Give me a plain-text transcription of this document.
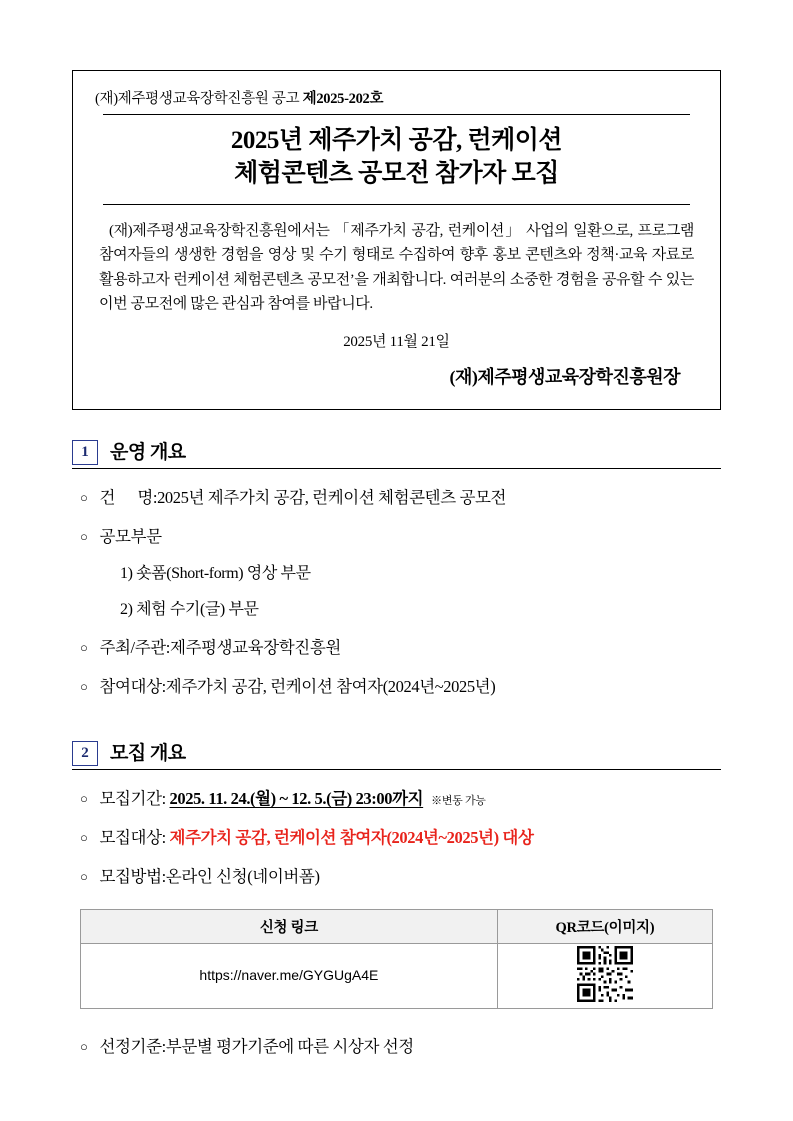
(재)제주평생교육장학진흥원 공고 제2025-202호
2025년 제주가치 공감, 런케이션
체험콘텐츠 공모전 참가자 모집
(재)제주평생교육장학진흥원에서는 「제주가치 공감, 런케이션」 사업의 일환으로, 프로그램 참여자들의 생생한 경험을 영상 및 수기 형태로 수집하여 향후 홍보 콘텐츠와 정책·교육 자료로 활용하고자 런케이션 체험콘텐츠 공모전’을 개최합니다. 여러분의 소중한 경험을 공유할 수 있는 이번 공모전에 많은 관심과 참여를 바랍니다.
2025년 11월 21일
(재)제주평생교육장학진흥원장
1	운영 개요
○ 건      명: 2025년 제주가치 공감, 런케이션 체험콘텐츠 공모전
○ 공모부문
1) 숏폼(Short-form) 영상 부문
2) 체험 수기(글) 부문
○ 주최/주관: 제주평생교육장학진흥원
○ 참여대상: 제주가치 공감, 런케이션 참여자(2024년~2025년)
2	모집 개요
○ 모집기간:
2025. 11. 24.(월) ~ 12. 5.(금) 23:00까지 ※변동 가능
○ 모집대상:
제주가치 공감, 런케이션 참여자(2024년~2025년) 대상
○ 모집방법: 온라인 신청(네이버폼)
신청 링크	QR코드(이미지)
https://naver.me/GYGUgA4E	
○ 선정기준: 부문별 평가기준에 따른 시상자 선정
